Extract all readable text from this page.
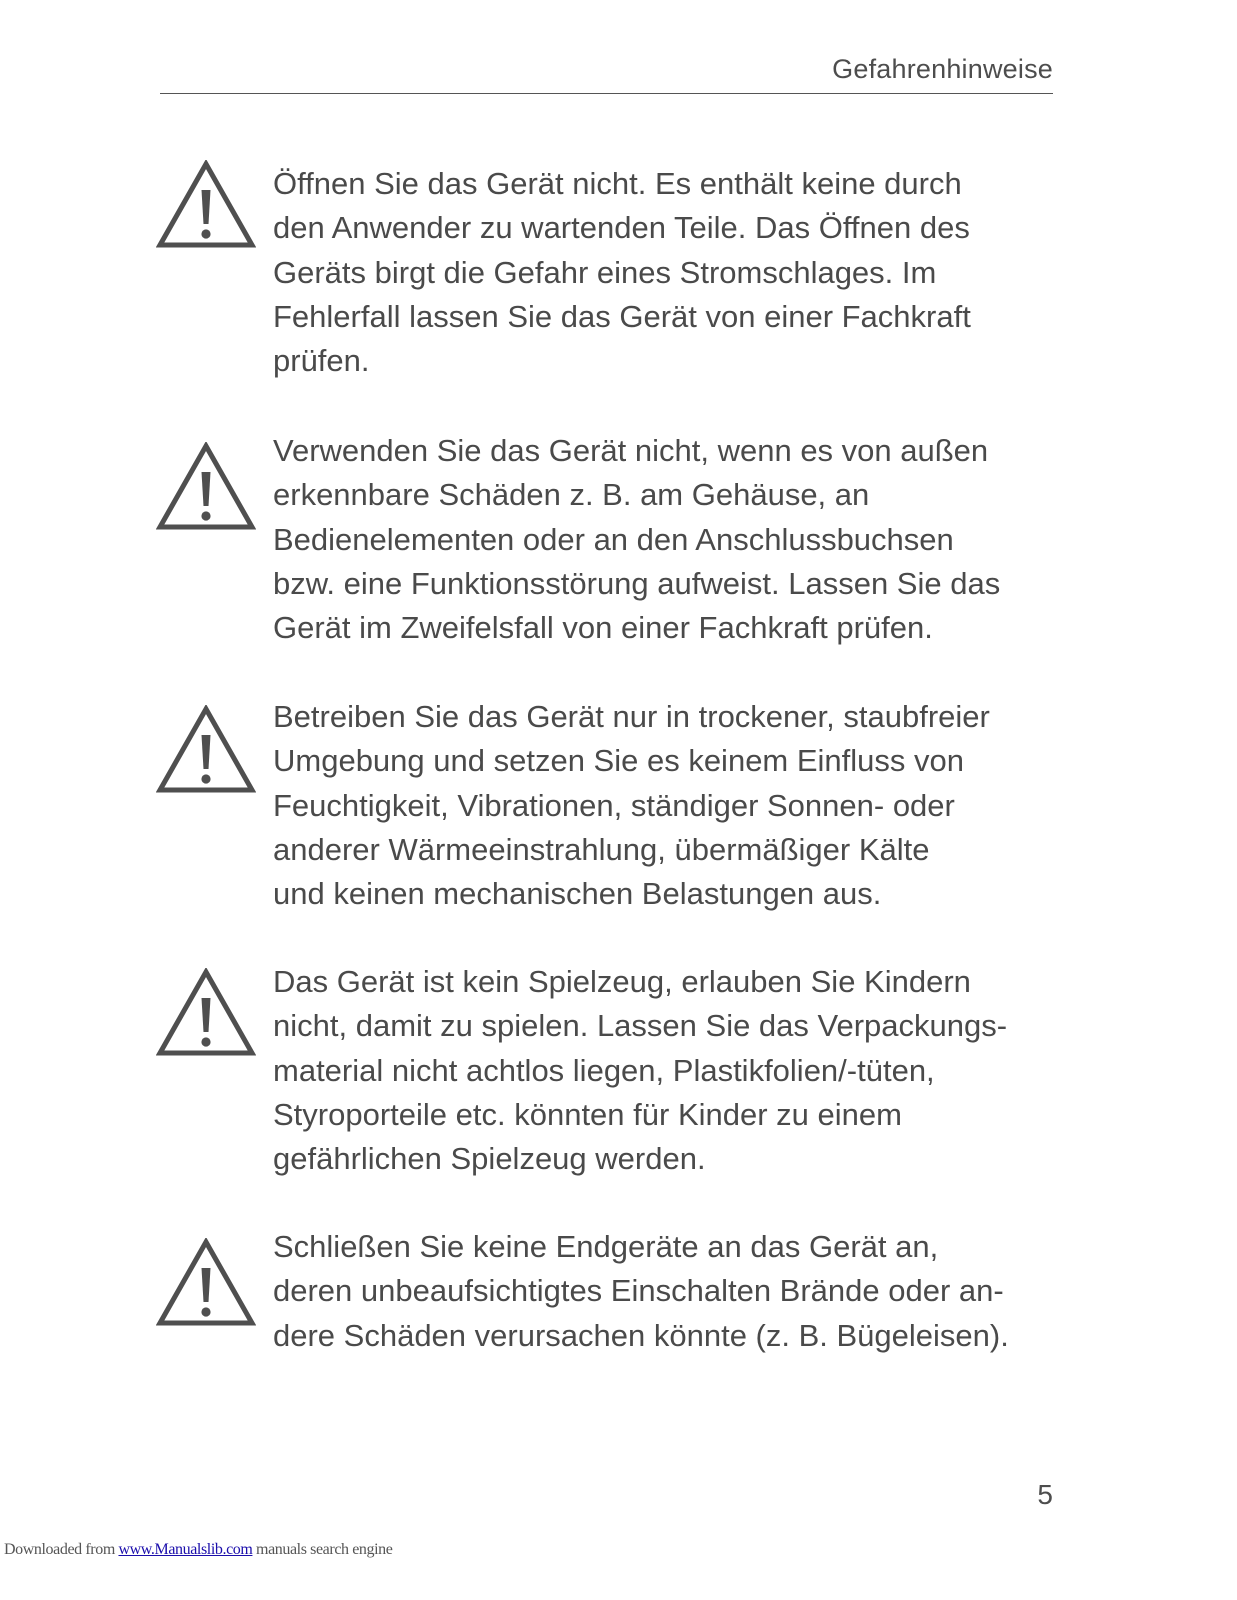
Gefahrenhinweise

Öffnen Sie das Gerät nicht. Es enthält keine durch
den Anwender zu wartenden Teile. Das Öffnen des
Geräts birgt die Gefahr eines Stromschlages. Im
Fehlerfall lassen Sie das Gerät von einer Fachkraft
prüfen.

Verwenden Sie das Gerät nicht, wenn es von außen
erkennbare Schäden z. B. am Gehäuse, an
Bedienelementen oder an den Anschlussbuchsen
bzw. eine Funktionsstörung aufweist. Lassen Sie das
Gerät im Zweifelsfall von einer Fachkraft prüfen.

Betreiben Sie das Gerät nur in trockener, staubfreier
Umgebung und setzen Sie es keinem Einfluss von
Feuchtigkeit, Vibrationen, ständiger Sonnen- oder
anderer Wärmeeinstrahlung, übermäßiger Kälte
und keinen mechanischen Belastungen aus.

Das Gerät ist kein Spielzeug, erlauben Sie Kindern
nicht, damit zu spielen. Lassen Sie das Verpackungs-
material nicht achtlos liegen, Plastikfolien/-tüten,
Styroporteile etc. könnten für Kinder zu einem
gefährlichen Spielzeug werden.

Schließen Sie keine Endgeräte an das Gerät an,
deren unbeaufsichtigtes Einschalten Brände oder an-
dere Schäden verursachen könnte (z. B. Bügeleisen).

5
Downloaded from www.Manualslib.com manuals search engine
